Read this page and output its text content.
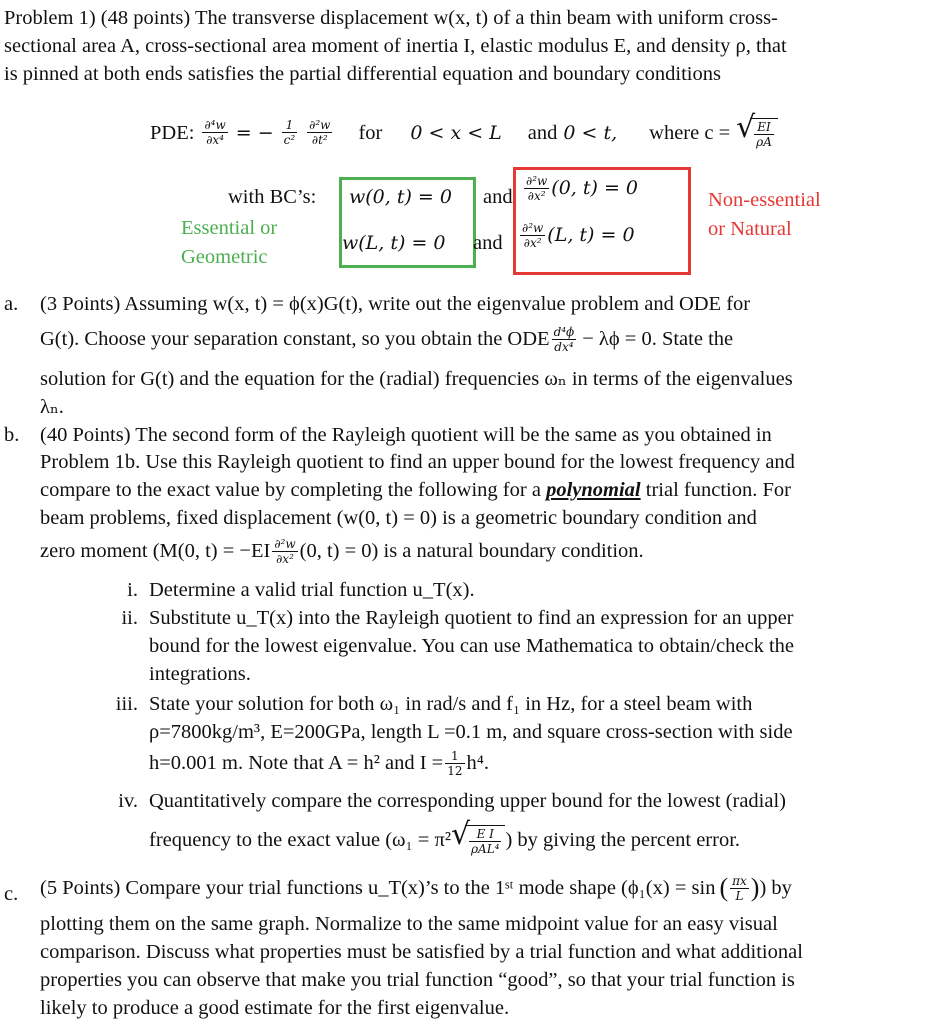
Problem 1) (48 points) The transverse displacement w(x, t) of a thin beam with uniform cross-
sectional area A, cross-sectional area moment of inertia I, elastic modulus E, and density ρ, that
is pinned at both ends satisfies the partial differential equation and boundary conditions
PDE: $\frac{\text{∂⁴w}}{\text{∂x⁴}}$ = − $\frac{1}{\text{c²}} \frac{\text{∂²w}}{\text{∂t²}}$ for 0 < x < L and 0 < t, where c = √ $\frac{EI}{\rho A}$
with BC’s: w(0, t) = 0 and $\frac{\text{∂²w}}{\text{∂x²}} (0$, t) = 0
Essential or
Geometric
Non-essential
or Natural
w(L, t) = 0 and $\frac{\text{∂²w}}{\text{∂x²}} (L$, t) = 0
a. (3 Points) Assuming w(x, t) = ϕ(x)G(t), write out the eigenvalue problem and ODE for
G(t). Choose your separation constant, so you obtain the ODE $\frac{\text{d⁴ϕ}}{\text{dx⁴}} - \lambda\phi = 0$. State the
solution for G(t) and the equation for the (radial) frequencies ωₙ in terms of the eigenvalues
λₙ.
b. (40 Points) The second form of the Rayleigh quotient will be the same as you obtained in
Problem 1b. Use this Rayleigh quotient to find an upper bound for the lowest frequency and
compare to the exact value by completing the following for a polynomial trial function. For
beam problems, fixed displacement (w(0, t) = 0) is a geometric boundary condition and
zero moment (M(0, $t) = -EI \frac{\text{∂²w}}{\text{∂x²}} (0$, t) = 0) is a natural boundary condition.
i. Determine a valid trial function u_T(x).
ii. Substitute u_T(x) into the Rayleigh quotient to find an expression for an upper
bound for the lowest eigenvalue. You can use Mathematica to obtain/check the
integrations.
iii. State your solution for both ω₁ in rad/s and f₁ in Hz, for a steel beam with
ρ=7800kg/m³, E=200GPa, length L =0.1 m, and square cross-section with side
h=0.001 m. Note that A = h² and $I = \frac{1}{12} h^4$.
iv. Quantitatively compare the corresponding upper bound for the lowest (radial)
frequency to the exact value (ω₁ = π² √ $\frac{\text{E I}}{\text{ρAL⁴}}$ ) by giving the percent error.
c. (5 Points) Compare your trial functions u_T(x)’s to the 1ˢᵗ mode shape (ϕ₁(x) = sin ( $\frac{\pi x}{L}$ ) ) by
plotting them on the same graph. Normalize to the same midpoint value for an easy visual
comparison. Discuss what properties must be satisfied by a trial function and what additional
properties you can observe that make you trial function “good”, so that your trial function is
likely to produce a good estimate for the first eigenvalue.
